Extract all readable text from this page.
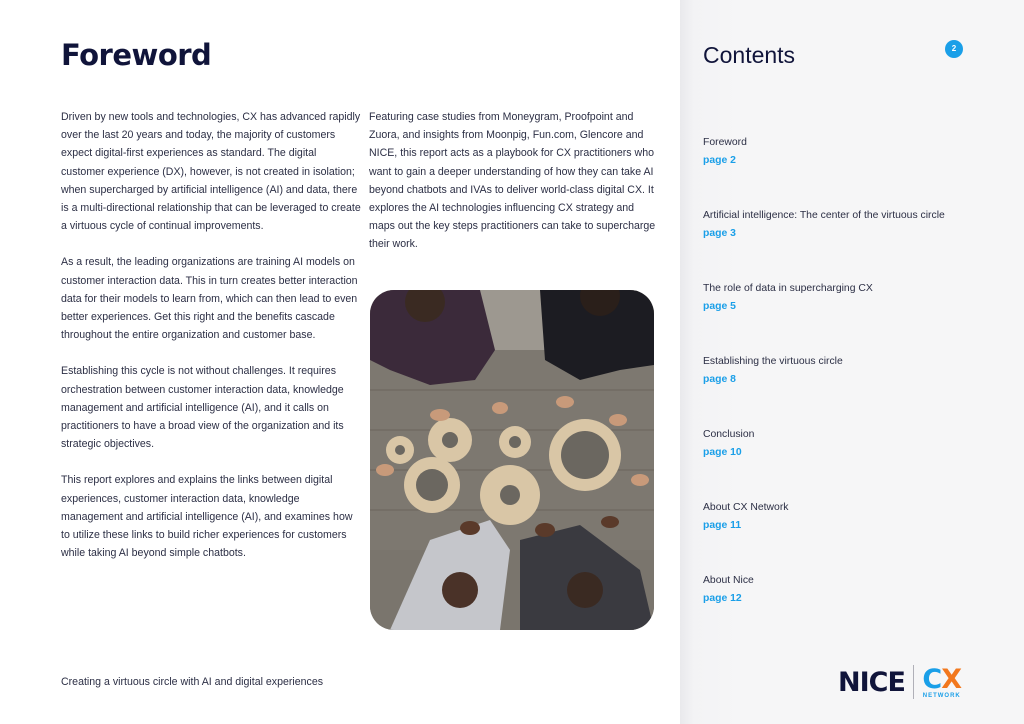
Foreword

Driven by new tools and technologies, CX has advanced rapidly over the last 20 years and today, the majority of customers expect digital-first experiences as standard. The digital customer experience (DX), however, is not created in isolation; when supercharged by artificial intelligence (AI) and data, there is a multi-directional relationship that can be leveraged to create a virtuous cycle of continual improvements.

As a result, the leading organizations are training AI models on customer interaction data. This in turn creates better interaction data for their models to learn from, which can then lead to even better experiences. Get this right and the benefits cascade throughout the entire organization and customer base.

Establishing this cycle is not without challenges. It requires orchestration between customer interaction data, knowledge management and artificial intelligence (AI), and it calls on practitioners to have a broad view of the organization and its strategic objectives.

This report explores and explains the links between digital experiences, customer interaction data, knowledge management and artificial intelligence (AI), and examines how to utilize these links to build richer experiences for customers while taking AI beyond simple chatbots.

Featuring case studies from Moneygram, Proofpoint and Zuora, and insights from Moonpig, Fun.com, Glencore and NICE, this report acts as a playbook for CX practitioners who want to gain a deeper understanding of how they can take AI beyond chatbots and IVAs to deliver world-class digital CX. It explores the AI technologies influencing CX strategy and maps out the key steps practitioners can take to supercharge their work.

Creating a virtuous circle with AI and digital experiences
Contents	2
Foreword
page 2
Artificial intelligence: The center of the virtuous circle
page 3
The role of data in supercharging CX
page 5
Establishing the virtuous circle
page 8
Conclusion
page 10
About CX Network
page 11
About Nice
page 12
NICE CX
NETWORK
